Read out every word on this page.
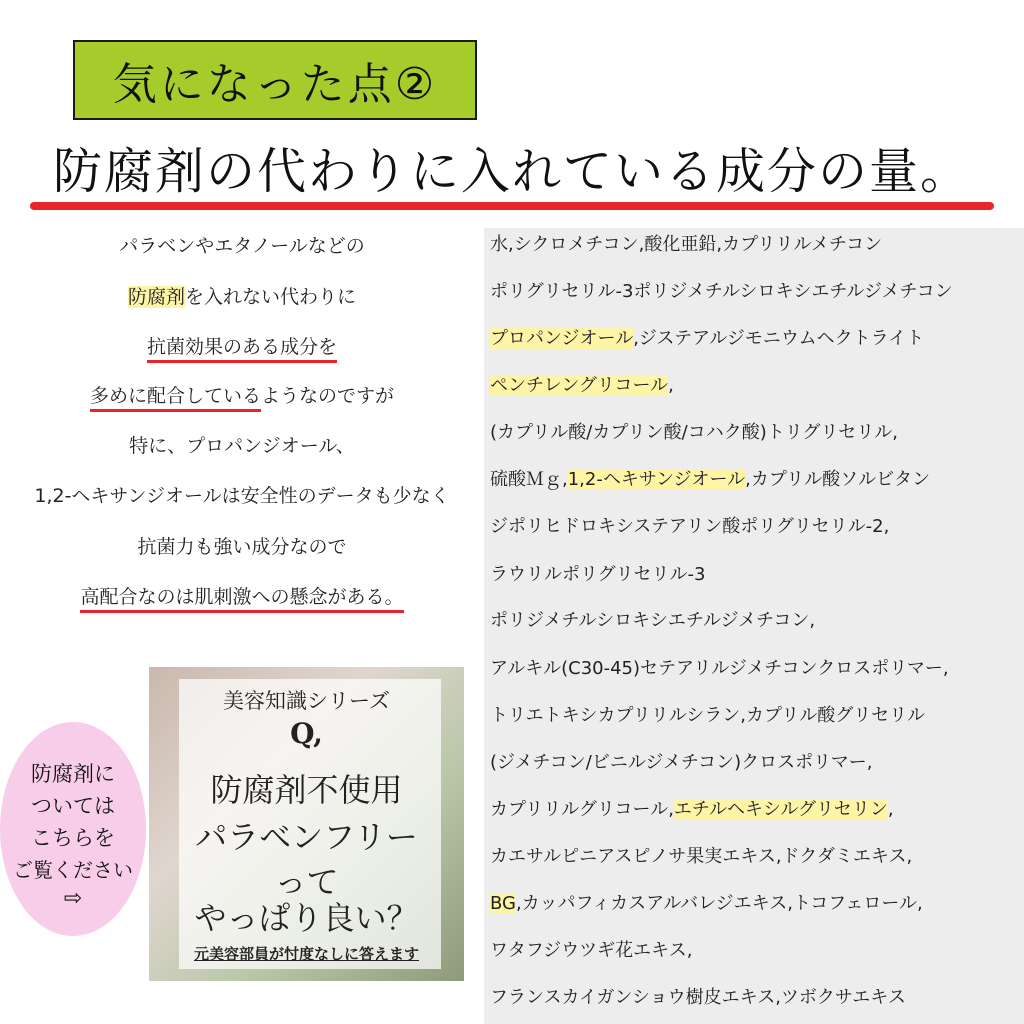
気になった点②
防腐剤の代わりに入れている成分の量。
パラベンやエタノールなどの
防腐剤を入れない代わりに
抗菌効果のある成分を
多めに配合しているようなのですが
特に、プロパンジオール、
1,2-ヘキサンジオールは安全性のデータも少なく
抗菌力も強い成分なので
高配合なのは肌刺激への懸念がある。
水,シクロメチコン,酸化亜鉛,カプリリルメチコン
ポリグリセリル-3ポリジメチルシロキシエチルジメチコン
プロパンジオール,ジステアルジモニウムヘクトライト
ペンチレングリコール,
(カプリル酸/カプリン酸/コハク酸)トリグリセリル,
硫酸Ｍｇ,1,2-ヘキサンジオール,カプリル酸ソルビタン
ジポリヒドロキシステアリン酸ポリグリセリル-2,
ラウリルポリグリセリル-3
ポリジメチルシロキシエチルジメチコン,
アルキル(C30-45)セテアリルジメチコンクロスポリマー,
トリエトキシカプリリルシラン,カプリル酸グリセリル
(ジメチコン/ビニルジメチコン)クロスポリマー,
カプリリルグリコール,エチルヘキシルグリセリン,
カエサルピニアスピノサ果実エキス,ドクダミエキス,
BG,カッパフィカスアルバレジエキス,トコフェロール,
ワタフジウツギ花エキス,
フランスカイガンショウ樹皮エキス,ツボクサエキス
美容知識シリーズ
Q,
防腐剤不使用
パラベンフリー
って
やっぱり良い？
元美容部員が忖度なしに答えます
防腐剤に
ついては
こちらを
ご覧ください
⇨
